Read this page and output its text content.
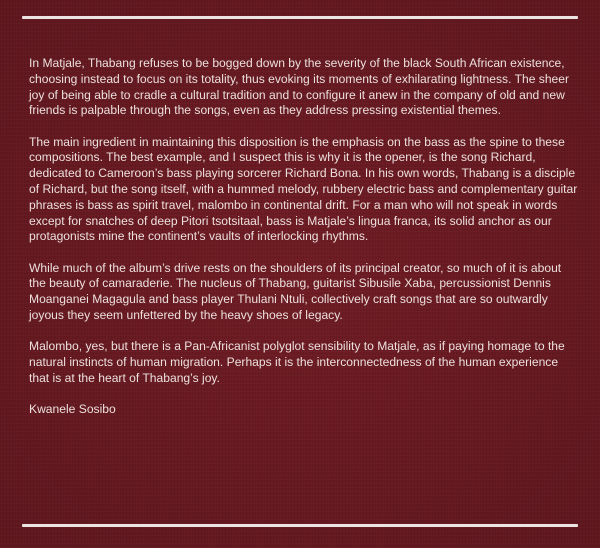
In Matjale, Thabang refuses to be bogged down by the severity of the black South African existence, choosing instead to focus on its totality, thus evoking its moments of exhilarating lightness. The sheer joy of being able to cradle a cultural tradition and to configure it anew in the company of old and new friends is palpable through the songs, even as they address pressing existential themes.

The main ingredient in maintaining this disposition is the emphasis on the bass as the spine to these compositions. The best example, and I suspect this is why it is the opener, is the song Richard, dedicated to Cameroon’s bass playing sorcerer Richard Bona. In his own words, Thabang is a disciple of Richard, but the song itself, with a hummed melody, rubbery electric bass and complementary guitar phrases is bass as spirit travel, malombo in continental drift. For a man who will not speak in words except for snatches of deep Pitori tsotsitaal, bass is Matjale’s lingua franca, its solid anchor as our protagonists mine the continent’s vaults of interlocking rhythms.

While much of the album’s drive rests on the shoulders of its principal creator, so much of it is about the beauty of camaraderie. The nucleus of Thabang, guitarist Sibusile Xaba, percussionist Dennis Moanganei Magagula and bass player Thulani Ntuli, collectively craft songs that are so outwardly joyous they seem unfettered by the heavy shoes of legacy.

Malombo, yes, but there is a Pan-Africanist polyglot sensibility to Matjale, as if paying homage to the natural instincts of human migration. Perhaps it is the interconnectedness of the human experience that is at the heart of Thabang’s joy.

Kwanele Sosibo
